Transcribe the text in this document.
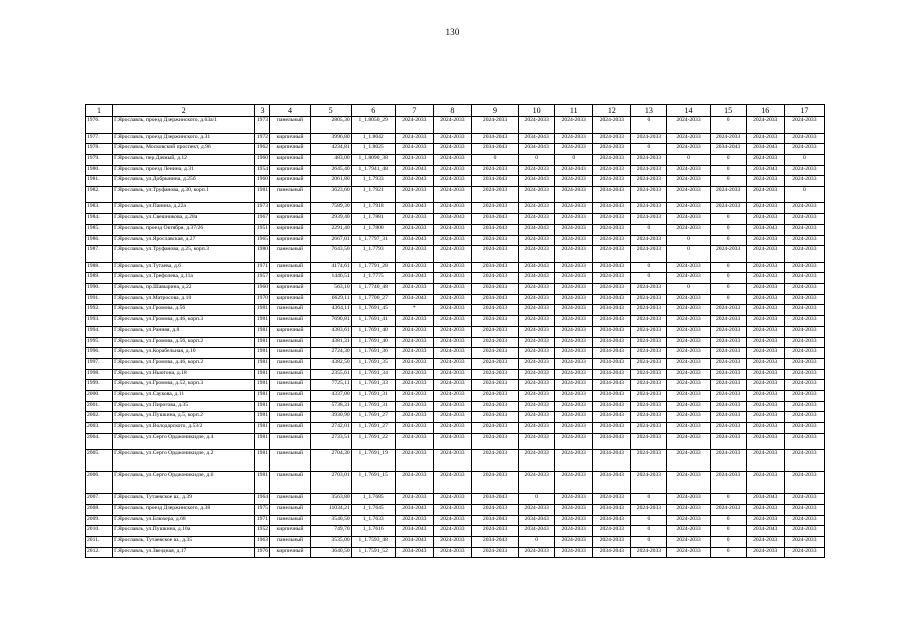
130
1	2	3	4	5	6	7	8	9	10	11	12	13	14	15	16	17
1976.	Г.Ярославль, проезд Дзержинского, д.63а/1	1973	панельный	2805,30	1_1.8050_29	2024-2033	2024-2033	2024-2033	2024-2033	2024-2033	2024-2033	0	2024-2033	0	2024-2033	2024-2033
1977.	Г.Ярославль, проезд Дзержинского, д.31	1972	кирпичный	3996,80	1_1.8042	2024-2033	2024-2033	2034-2043	2034-2043	2024-2033	2024-2033	2024-2033	2024-2033	2024-2033	2024-2033	2024-2033
1978.	Г.Ярославль, Московский проспект, д.96	1962	кирпичный	4234,81	1_1.8025	2024-2033	2024-2033	2034-2043	2034-2043	2024-2033	2024-2033	0	2024-2033	2034-2043	2034-2043	2024-2033
1979.	Г.Ярославль, пер.Дачный, д.12	1960	кирпичный	483,00	1_1.8090_38	2024-2033	2024-2033	0	0	0	2024-2033	2024-2033	0	0	2024-2033	0
1980.	Г.Ярославль, проезд Ленина, д.31	1954	кирпичный	2645,40	1_1.7941_48	2034-2043	2024-2033	2024-2033	2024-2033	2034-2043	2024-2033	2024-2033	2024-2033	0	2034-2043	2024-2033
1981.	Г.Ярославль, ул.Добрынина, д.25б	1960	кирпичный	2061,80	1_1.7933	2034-2043	2024-2033	2034-2043	2034-2043	2024-2033	2024-2033	2024-2033	2024-2033	0	2024-2033	2024-2033
1982.	Г.Ярославль, ул.Труфанова, д.30, корп.1	1981	панельный	3623,60	1_1.7921	2024-2033	2024-2033	2024-2033	2024-2033	2024-2033	2034-2043	2024-2033	2024-2033	2024-2033	2024-2033	0
1983.	Г.Ярославль, ул.Панина, д.22а	1973	кирпичный	7589,30	1_1.7918	2034-2043	2024-2033	2024-2033	2024-2033	2024-2033	2034-2043	2024-2033	2024-2033	2024-2033	2024-2033	2024-2033
1984.	Г.Ярославль, ул.Свешникова, д.28а	1967	кирпичный	2939,40	1_1.7881	2024-2033	2034-2043	2034-2043	2024-2033	2024-2033	2024-2033	2024-2033	2024-2033	0	2024-2033	2024-2033
1985.	Г.Ярославль, проезд Октября, д.37/26	1951	кирпичный	2291,40	1_1.7800	2024-2033	2024-2033	2034-2043	2034-2043	2024-2033	2024-2033	0	2024-2033	0	2034-2043	2024-2033
1986.	Г.Ярославль, ул.Ярославская, д.27	1965	кирпичный	2667,01	1_1.7797_31	2034-2043	2024-2033	2024-2033	2024-2033	2024-2033	2024-2033	2024-2033	0	0	2024-2033	2024-2033
1987.	Г.Ярославль, ул.Труфанова, д.25, корп.3	1980	панельный	7643,50	1_1.7793	2024-2033	2024-2033	2024-2033	2024-2033	2024-2033	2024-2033	2024-2033	0	2024-2033	2024-2033	2024-2033
1988.	Г.Ярославль, ул.Тутаева, д.6	1971	панельный	4174,61	1_1.7791_28	2024-2033	2024-2033	2034-2043	2034-2043	2024-2033	2034-2043	0	2024-2033	0	2024-2033	2024-2033
1989.	Г.Ярославль, ул.Трефолева, д.11а	1957	кирпичный	1446,51	1_1.7775	2034-2043	2024-2033	2024-2033	2034-2043	2024-2033	2024-2033	0	2024-2033	0	2024-2033	2024-2033
1990.	Г.Ярославль, пр.Шавырина, д.22	1960	кирпичный	563,10	1_1.7740_48	2024-2033	2024-2033	2024-2033	2024-2033	2024-2033	2024-2033	2024-2033	0	0	2024-2033	2024-2033
1991.	Г.Ярославль, ул.Матросова, д.10	1970	кирпичный	6629,11	1_1.7700_27	2034-2043	2024-2033	2034-2043	2024-2033	2024-2033	2034-2043	2024-2033	2024-2033	0	2024-2033	2024-2033
1992.	Г.Ярославль, ул.Громова, д.56	1981	панельный	4364,11	1_1.7691_45	*	2024-2033	2024-2033	2024-2033	2024-2033	2034-2043	2024-2033	2024-2033	2024-2033	2024-2033	2024-2033
1993.	Г.Ярославль, ул.Громова, д.46, корп.3	1981	панельный	7690,81	1_1.7691_41	2024-2033	2024-2033	2024-2033	2024-2033	2024-2033	2034-2043	2024-2033	2024-2033	2024-2033	2024-2033	2024-2033
1994.	Г.Ярославль, ул.Ранняя, д.8	1981	кирпичный	4383,61	1_1.7691_40	2024-2033	2024-2033	2024-2033	2024-2033	2024-2033	2034-2043	2024-2033	2024-2033	2024-2033	2024-2033	2024-2033
1995.	Г.Ярославль, ул.Громова, д.56, корп.2	1981	панельный	4381,31	1_1.7691_40	2024-2033	2024-2033	2024-2033	2024-2033	2024-2033	2034-2043	2024-2033	2024-2033	2024-2033	2024-2033	2024-2033
1996.	Г.Ярославль, ул.Корабельная, д.10	1981	панельный	2724,30	1_1.7691_36	2024-2033	2024-2033	2024-2033	2024-2033	2024-2033	2034-2043	2024-2033	2024-2033	2024-2033	2024-2033	2024-2033
1997.	Г.Ярославль, ул.Громова, д.46, корп.2	1981	панельный	4382,50	1_1.7691_35	2024-2033	2024-2033	2024-2033	2024-2033	2024-2033	2034-2043	2024-2033	2024-2033	2024-2033	2024-2033	2024-2033
1998.	Г.Ярославль, ул.Ньютона, д.18	1981	панельный	2355,61	1_1.7691_34	2024-2033	2024-2033	2024-2033	2024-2033	2024-2033	2034-2043	2024-2033	2024-2033	2024-2033	2024-2033	2024-2033
1999.	Г.Ярославль, ул.Громова, д.52, корп.3	1981	панельный	7725,11	1_1.7691_33	2024-2033	2024-2033	2024-2033	2024-2033	2024-2033	2034-2043	2024-2033	2024-2033	2024-2033	2024-2033	2024-2033
2000.	Г.Ярославль, ул.Саукова, д.11	1981	панельный	4337,00	1_1.7691_31	2024-2033	2024-2033	2024-2033	2024-2033	2024-2033	2034-2043	2024-2033	2024-2033	2024-2033	2024-2033	2024-2033
2001.	Г.Ярославль, ул.Пирогова, д.35	1981	панельный	5738,31	1_1.7691_31	2024-2033	2024-2033	2024-2033	2024-2033	2024-2033	2034-2043	2024-2033	2024-2033	2024-2033	2024-2033	2024-2033
2002.	Г.Ярославль, ул.Пушкина, д.5, корп.2	1981	панельный	3930,90	1_1.7691_27	2024-2033	2024-2033	2024-2033	2024-2033	2024-2033	2034-2043	2024-2033	2024-2033	2024-2033	2024-2033	2024-2033
2003.	Г.Ярославль, ул.Володарского, д.53/2	1981	панельный	2742,01	1_1.7691_27	2024-2033	2024-2033	2024-2033	2024-2033	2024-2033	2034-2043	2024-2033	2024-2033	2024-2033	2024-2033	2024-2033
2004.	Г.Ярославль, ул.Серго Орджоникидзе, д.4	1981	панельный	2733,51	1_1.7691_22	2024-2033	2024-2033	2024-2033	2024-2033	2024-2033	2034-2043	2024-2033	2024-2033	2024-2033	2024-2033	2024-2033
2005.	Г.Ярославль, ул.Серго Орджоникидзе, д.2	1981	панельный	2704,30	1_1.7691_19	2024-2033	2024-2033	2024-2033	2024-2033	2024-2033	2034-2043	2024-2033	2024-2033	2024-2033	2024-2033	2024-2033
2006.	Г.Ярославль, ул.Серго Орджоникидзе, д.6	1981	панельный	2703,01	1_1.7691_15	2024-2033	2024-2033	2024-2033	2024-2033	2024-2033	2034-2043	2024-2033	2024-2033	2024-2033	2024-2033	2024-2033
2007.	Г.Ярославль, Тутаевское ш., д.39	1964	панельный	3563,80	1_1.7685	2024-2033	2024-2033	2034-2043	0	2024-2033	2024-2033	0	2024-2033	0	2034-2043	2024-2033
2008.	Г.Ярославль, проезд Дзержинского, д.38	1975	панельный	11034,21	1_1.7645	2034-2043	2024-2033	2024-2033	2024-2033	2024-2033	2034-2043	2024-2033	2024-2033	2024-2033	2024-2033	2024-2033
2009.	Г.Ярославль, ул.Блюхера, д.68	1971	панельный	3540,50	1_1.7633	2024-2033	2024-2033	2034-2043	2034-2043	2024-2033	2034-2043	0	2024-2033	0	2024-2033	2024-2033
2010.	Г.Ярославль, ул.Пушкина, д.10а	1952	кирпичный	749,70	1_1.7616	2034-2043	2024-2033	2024-2033	2034-2043	2024-2033	2024-2033	0	2024-2033	0	2034-2043	2024-2033
2011.	Г.Ярославль, Тутаевское ш., д.35	1963	панельный	3535,00	1_1.7593_48	2034-2043	2024-2033	2034-2043	0	2024-2033	2024-2033	0	2024-2033	0	2024-2033	2024-2033
2012.	Г.Ярославль, ул.Звездная, д.17	1976	кирпичный	3640,50	1_1.7591_52	2034-2043	2024-2033	2024-2033	2024-2033	2024-2033	2034-2043	2024-2033	2024-2033	0	2024-2033	2024-2033
